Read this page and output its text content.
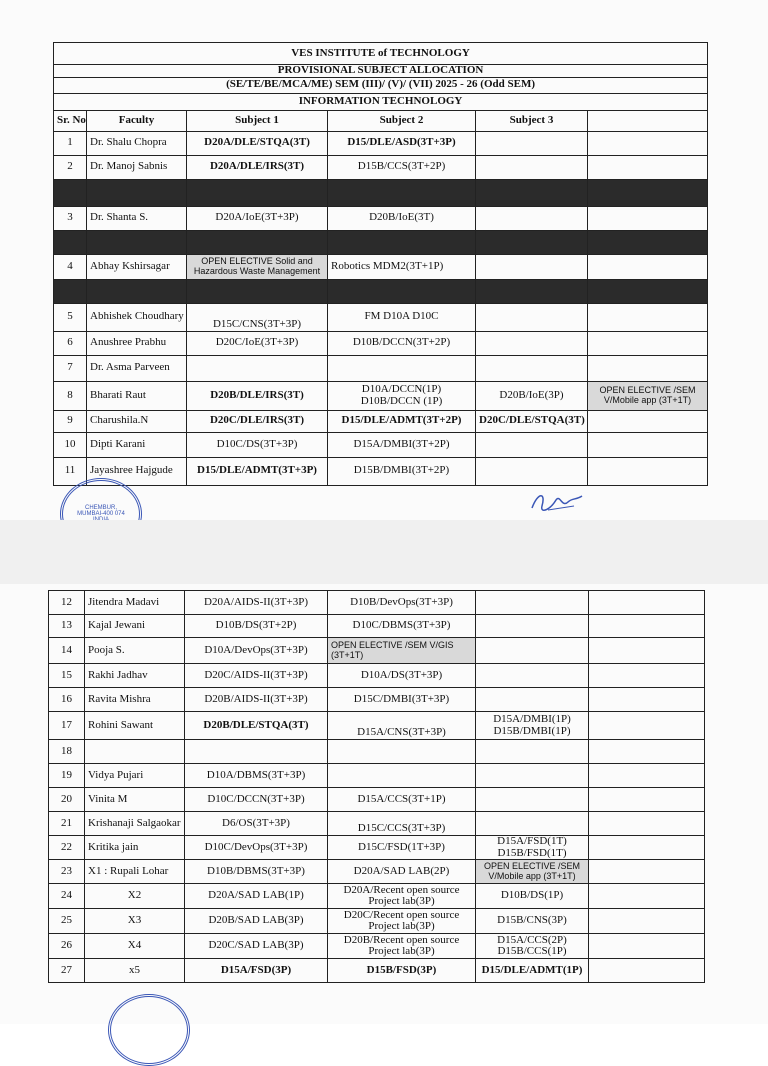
VES INSTITUTE of TECHNOLOGY					
PROVISIONAL SUBJECT ALLOCATION					
(SE/TE/BE/MCA/ME) SEM (III)/ (V)/ (VII) 2025 - 26 (Odd SEM)					
INFORMATION TECHNOLOGY					
Sr. No	Faculty	Subject 1	Subject 2	Subject 3	
1	Dr. Shalu Chopra	D20A/DLE/STQA(3T)	D15/DLE/ASD(3T+3P)		
2	Dr. Manoj Sabnis	D20A/DLE/IRS(3T)	D15B/CCS(3T+2P)		

3	Dr. Shanta S.	D20A/IoE(3T+3P)	D20B/IoE(3T)		

4	Abhay Kshirsagar	OPEN ELECTIVE Solid and Hazardous Waste Management	Robotics MDM2(3T+1P)		

5	Abhishek Choudhary	D15C/CNS(3T+3P)	FM D10A D10C		
6	Anushree Prabhu	D20C/IoE(3T+3P)	D10B/DCCN(3T+2P)		
7	Dr. Asma Parveen				
8	Bharati Raut	D20B/DLE/IRS(3T)	D10A/DCCN(1P) D10B/DCCN (1P)	D20B/IoE(3P)	OPEN ELECTIVE /SEM V/Mobile app (3T+1T)
9	Charushila.N	D20C/DLE/IRS(3T)	D15/DLE/ADMT(3T+2P)	D20C/DLE/STQA(3T)	
10	Dipti Karani	D10C/DS(3T+3P)	D15A/DMBI(3T+2P)		
11	Jayashree Hajgude	D15/DLE/ADMT(3T+3P)	D15B/DMBI(3T+2P)		
CHEMBUR,
MUMBAI-400 074
12	Jitendra Madavi	D20A/AIDS-II(3T+3P)	D10B/DevOps(3T+3P)		
13	Kajal Jewani	D10B/DS(3T+2P)	D10C/DBMS(3T+3P)		
14	Pooja S.	D10A/DevOps(3T+3P)	OPEN ELECTIVE /SEM V/GIS (3T+1T)		
15	Rakhi Jadhav	D20C/AIDS-II(3T+3P)	D10A/DS(3T+3P)		
16	Ravita Mishra	D20B/AIDS-II(3T+3P)	D15C/DMBI(3T+3P)		
17	Rohini Sawant	D20B/DLE/STQA(3T)	D15A/CNS(3T+3P)	D15A/DMBI(1P) D15B/DMBI(1P)	
18					
19	Vidya Pujari	D10A/DBMS(3T+3P)			
20	Vinita M	D10C/DCCN(3T+3P)	D15A/CCS(3T+1P)		
21	Krishanaji Salgaokar	D6/OS(3T+3P)	D15C/CCS(3T+3P)		
22	Kritika jain	D10C/DevOps(3T+3P)	D15C/FSD(1T+3P)	D15A/FSD(1T) D15B/FSD(1T)	
23	X1 : Rupali Lohar	D10B/DBMS(3T+3P)	D20A/SAD LAB(2P)	OPEN ELECTIVE /SEM V/Mobile app (3T+1T)	
24	X2	D20A/SAD LAB(1P)	D20A/Recent open source Project lab(3P)	D10B/DS(1P)	
25	X3	D20B/SAD LAB(3P)	D20C/Recent open source Project lab(3P)	D15B/CNS(3P)	
26	X4	D20C/SAD LAB(3P)	D20B/Recent open source Project lab(3P)	D15A/CCS(2P) D15B/CCS(1P)	
27	x5	D15A/FSD(3P)	D15B/FSD(3P)	D15/DLE/ADMT(1P)	
